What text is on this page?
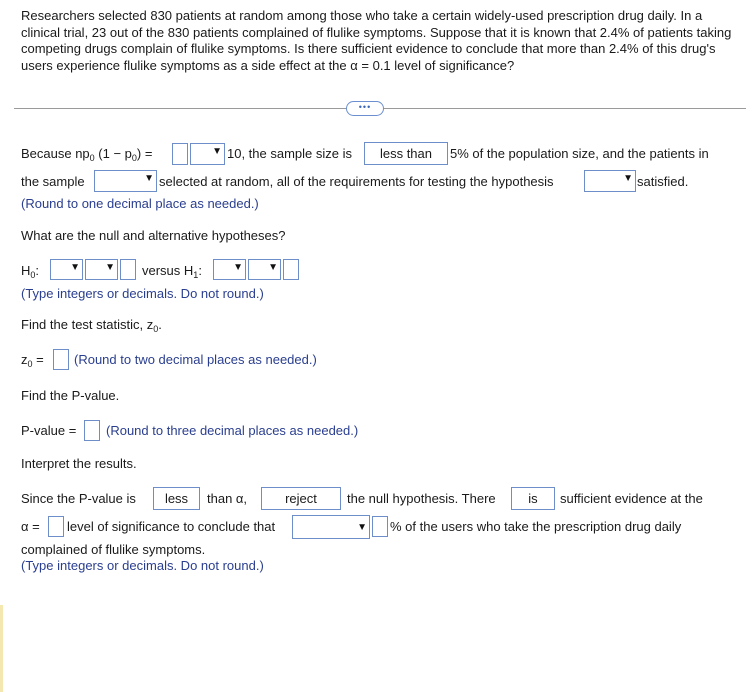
Researchers selected 830 patients at random among those who take a certain widely-used prescription drug daily. In a clinical trial, 23 out of the 830 patients complained of flulike symptoms. Suppose that it is known that 2.4% of patients taking competing drugs complain of flulike symptoms. Is there sufficient evidence to conclude that more than 2.4% of this drug's users experience flulike symptoms as a side effect at the α = 0.1 level of significance?
•••
Because $np_0$ $(1 - p_0)$ =	▼ 10, the sample size is	less than	5% of the population size, and the patients in
the sample	▼ selected at random, all of the requirements for testing the hypothesis	▼ satisfied.
(Round to one decimal place as needed.)
What are the null and alternative hypotheses?
$H_0$:	▼	▼ versus $H_1$:	▼	▼
(Type integers or decimals. Do not round.)
Find the test statistic, $z_0$.
$z_0$ = (Round to two decimal places as needed.)
Find the P-value.
P-value = (Round to three decimal places as needed.)
Interpret the results.
Since the P-value is	less	than α,	reject	the null hypothesis. There	is	sufficient evidence at the
α = level of significance to conclude that	▼ % of the users who take the prescription drug daily
complained of flulike symptoms.
(Type integers or decimals. Do not round.)
